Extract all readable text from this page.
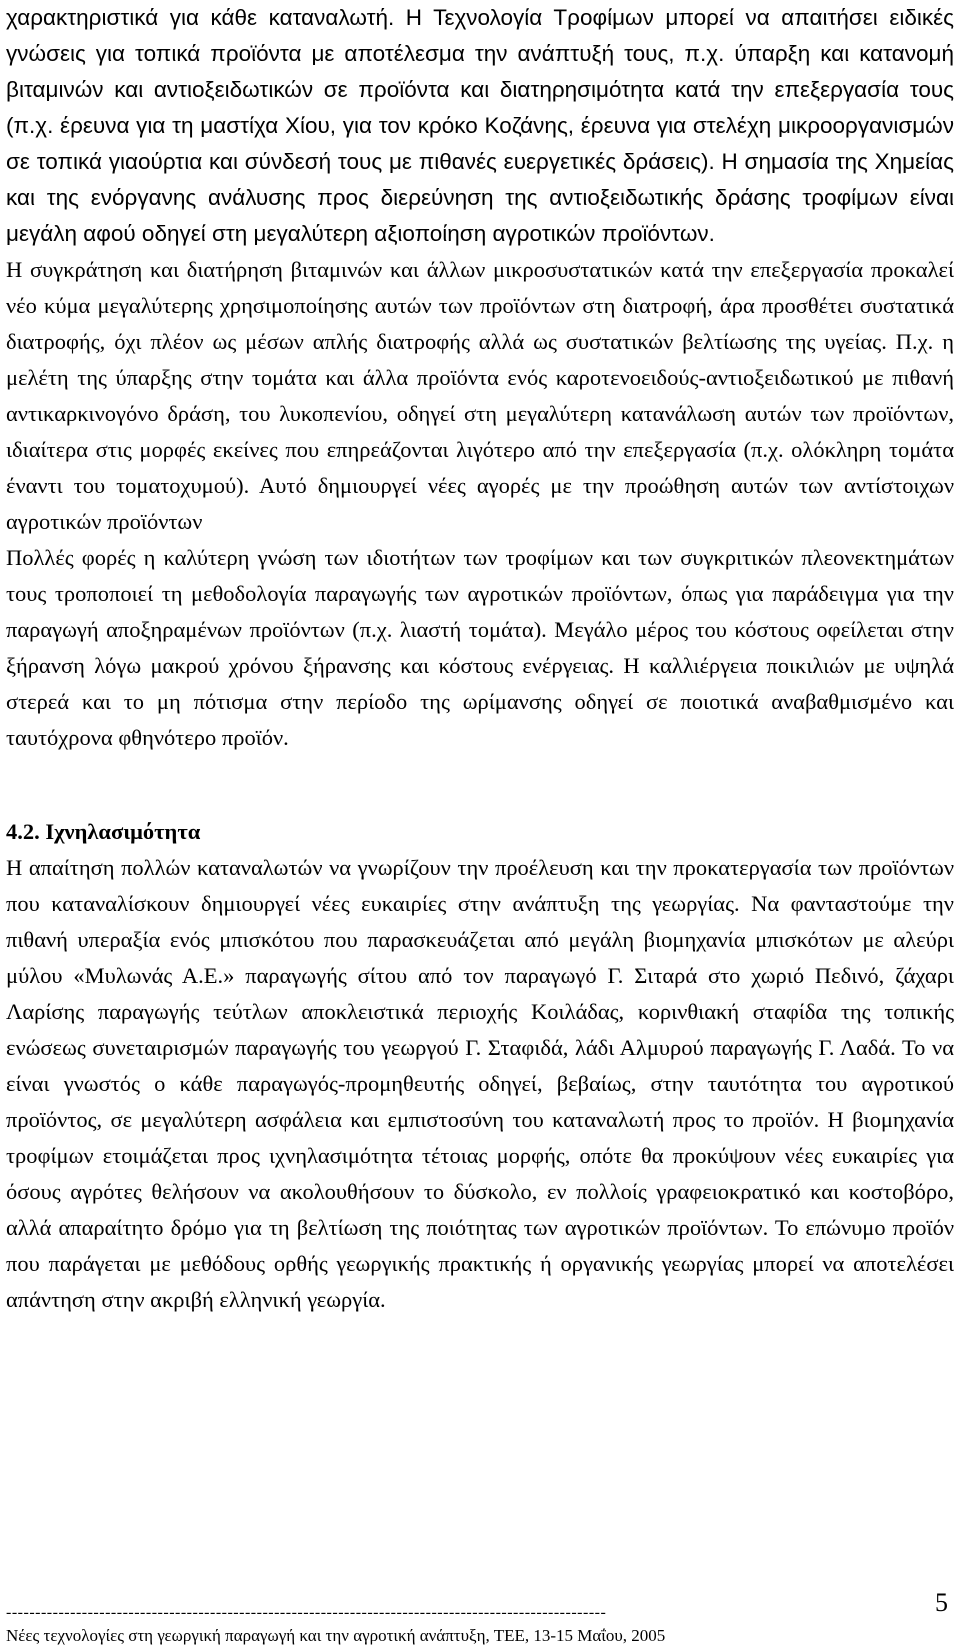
χαρακτηριστικά για κάθε καταναλωτή. Η Τεχνολογία Τροφίμων μπορεί να απαιτήσει ειδικές γνώσεις για τοπικά προϊόντα με αποτέλεσμα την ανάπτυξή τους, π.χ. ύπαρξη και κατανομή βιταμινών και αντιοξειδωτικών σε προϊόντα και διατηρησιμότητα κατά την επεξεργασία τους (π.χ. έρευνα για τη μαστίχα Χίου, για τον κρόκο Κοζάνης, έρευνα για στελέχη μικροοργανισμών σε τοπικά γιαούρτια και σύνδεσή τους με πιθανές ευεργετικές δράσεις). Η σημασία της Χημείας και της ενόργανης ανάλυσης προς διερεύνηση της αντιοξειδωτικής δράσης τροφίμων είναι μεγάλη αφού οδηγεί στη μεγαλύτερη αξιοποίηση αγροτικών προϊόντων.

Η συγκράτηση και διατήρηση βιταμινών και άλλων μικροσυστατικών κατά την επεξεργασία προκαλεί νέο κύμα μεγαλύτερης χρησιμοποίησης αυτών των προϊόντων στη διατροφή, άρα προσθέτει συστατικά διατροφής, όχι πλέον ως μέσων απλής διατροφής αλλά ως συστατικών βελτίωσης της υγείας. Π.χ. η μελέτη της ύπαρξης στην τομάτα και άλλα προϊόντα ενός καροτενοειδούς-αντιοξειδωτικού με πιθανή αντικαρκινογόνο δράση, του λυκοπενίου, οδηγεί στη μεγαλύτερη κατανάλωση αυτών των προϊόντων, ιδιαίτερα στις μορφές εκείνες που επηρεάζονται λιγότερο από την επεξεργασία (π.χ. ολόκληρη τομάτα έναντι του τοματοχυμού). Αυτό δημιουργεί νέες αγορές με την προώθηση αυτών των αντίστοιχων αγροτικών προϊόντων

Πολλές φορές η καλύτερη γνώση των ιδιοτήτων των τροφίμων και των συγκριτικών πλεονεκτημάτων τους τροποποιεί τη μεθοδολογία παραγωγής των αγροτικών προϊόντων, όπως για παράδειγμα για την παραγωγή αποξηραμένων προϊόντων (π.χ. λιαστή τομάτα). Μεγάλο μέρος του κόστους οφείλεται στην ξήρανση λόγω μακρού χρόνου ξήρανσης και κόστους ενέργειας. Η καλλιέργεια ποικιλιών με υψηλά στερεά και το μη πότισμα στην περίοδο της ωρίμανσης οδηγεί σε ποιοτικά αναβαθμισμένο και ταυτόχρονα φθηνότερο προϊόν.

4.2. Ιχνηλασιμότητα

Η απαίτηση πολλών καταναλωτών να γνωρίζουν την προέλευση και την προκατεργασία των προϊόντων που καταναλίσκουν δημιουργεί νέες ευκαιρίες στην ανάπτυξη της γεωργίας. Να φανταστούμε την πιθανή υπεραξία ενός μπισκότου που παρασκευάζεται από μεγάλη βιομηχανία μπισκότων με αλεύρι μύλου «Μυλωνάς Α.Ε.» παραγωγής σίτου από τον παραγωγό Γ. Σιταρά στο χωριό Πεδινό, ζάχαρι Λαρίσης παραγωγής τεύτλων αποκλειστικά περιοχής Κοιλάδας, κορινθιακή σταφίδα της τοπικής ενώσεως συνεταιρισμών παραγωγής του γεωργού Γ. Σταφιδά, λάδι Αλμυρού παραγωγής Γ. Λαδά. Το να είναι γνωστός ο κάθε παραγωγός-προμηθευτής οδηγεί, βεβαίως, στην ταυτότητα του αγροτικού προϊόντος, σε μεγαλύτερη ασφάλεια και εμπιστοσύνη του καταναλωτή προς το προϊόν. Η βιομηχανία τροφίμων ετοιμάζεται προς ιχνηλασιμότητα τέτοιας μορφής, οπότε θα προκύψουν νέες ευκαιρίες για όσους αγρότες θελήσουν να ακολουθήσουν το δύσκολο, εν πολλοίς γραφειοκρατικό και κοστοβόρο, αλλά απαραίτητο δρόμο για τη βελτίωση της ποιότητας των αγροτικών προϊόντων. Το επώνυμο προϊόν που παράγεται με μεθόδους ορθής γεωργικής πρακτικής ή οργανικής γεωργίας μπορεί να αποτελέσει απάντηση στην ακριβή ελληνική γεωργία.

-------------------------------------------------------------------------------------------------------	5
Νέες τεχνολογίες στη γεωργική παραγωγή και την αγροτική ανάπτυξη, ΤΕΕ, 13-15 Μαΐου, 2005
